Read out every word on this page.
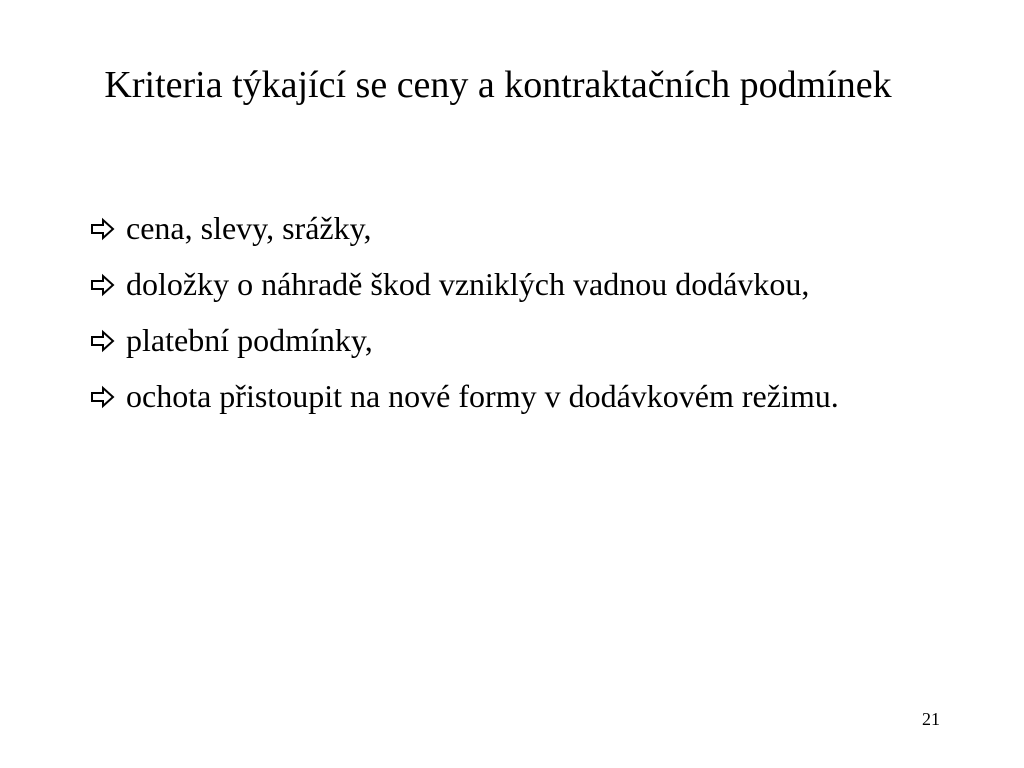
Kriteria týkající se ceny a kontraktačních podmínek
cena, slevy, srážky,
doložky o náhradě škod vzniklých vadnou dodávkou,
platební podmínky,
ochota přistoupit na nové formy v dodávkovém režimu.
21
